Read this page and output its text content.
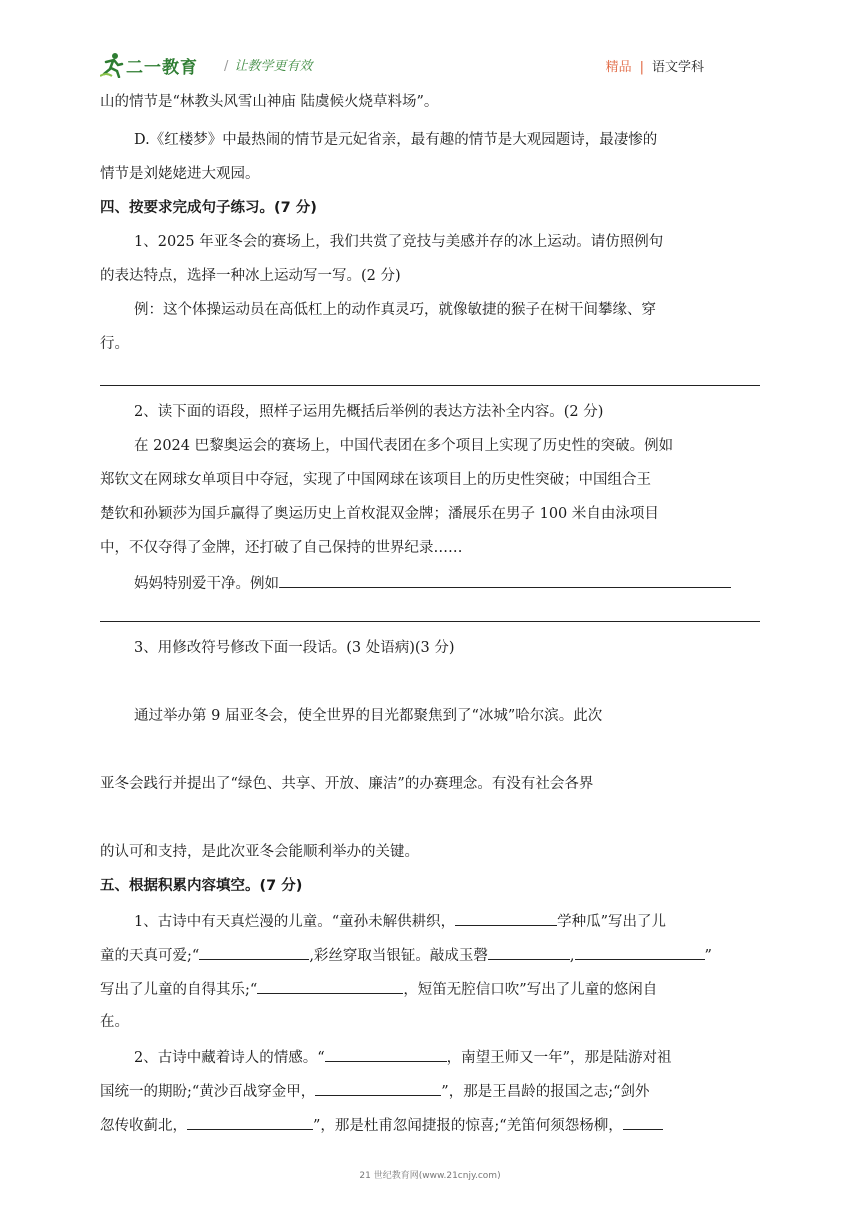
二一教育 / 让教学更有效	精品 | 语文学科
山的情节是“林教头风雪山神庙 陆虞候火烧草料场”。
D.《红楼梦》中最热闹的情节是元妃省亲，最有趣的情节是大观园题诗，最凄惨的
情节是刘姥姥进大观园。
四、按要求完成句子练习。(7 分)
1、2025 年亚冬会的赛场上，我们共赏了竞技与美感并存的冰上运动。请仿照例句
的表达特点，选择一种冰上运动写一写。(2 分)
例：这个体操运动员在高低杠上的动作真灵巧，就像敏捷的猴子在树干间攀缘、穿
行。
2、读下面的语段，照样子运用先概括后举例的表达方法补全内容。(2 分)
在 2024 巴黎奥运会的赛场上，中国代表团在多个项目上实现了历史性的突破。例如
郑钦文在网球女单项目中夺冠，实现了中国网球在该项目上的历史性突破；中国组合王
楚钦和孙颖莎为国乒赢得了奥运历史上首枚混双金牌；潘展乐在男子 100 米自由泳项目
中，不仅夺得了金牌，还打破了自己保持的世界纪录……
妈妈特别爱干净。例如
3、用修改符号修改下面一段话。(3 处语病)(3 分)
通过举办第 9 届亚冬会，使全世界的目光都聚焦到了“冰城”哈尔滨。此次
亚冬会践行并提出了“绿色、共享、开放、廉洁”的办赛理念。有没有社会各界
的认可和支持，是此次亚冬会能顺利举办的关键。
五、根据积累内容填空。(7 分)
1、古诗中有天真烂漫的儿童。“童孙未解供耕织，	学种瓜”写出了儿
童的天真可爱;“	,彩丝穿取当银钲。敲成玉磬	,	”
写出了儿童的自得其乐;“	，短笛无腔信口吹”写出了儿童的悠闲自
在。
2、古诗中藏着诗人的情感。“	，南望王师又一年”，那是陆游对祖
国统一的期盼;“黄沙百战穿金甲，	”，那是王昌龄的报国之志;“剑外
忽传收蓟北，	”，那是杜甫忽闻捷报的惊喜;“羌笛何须怨杨柳，
21 世纪教育网(www.21cnjy.com)
